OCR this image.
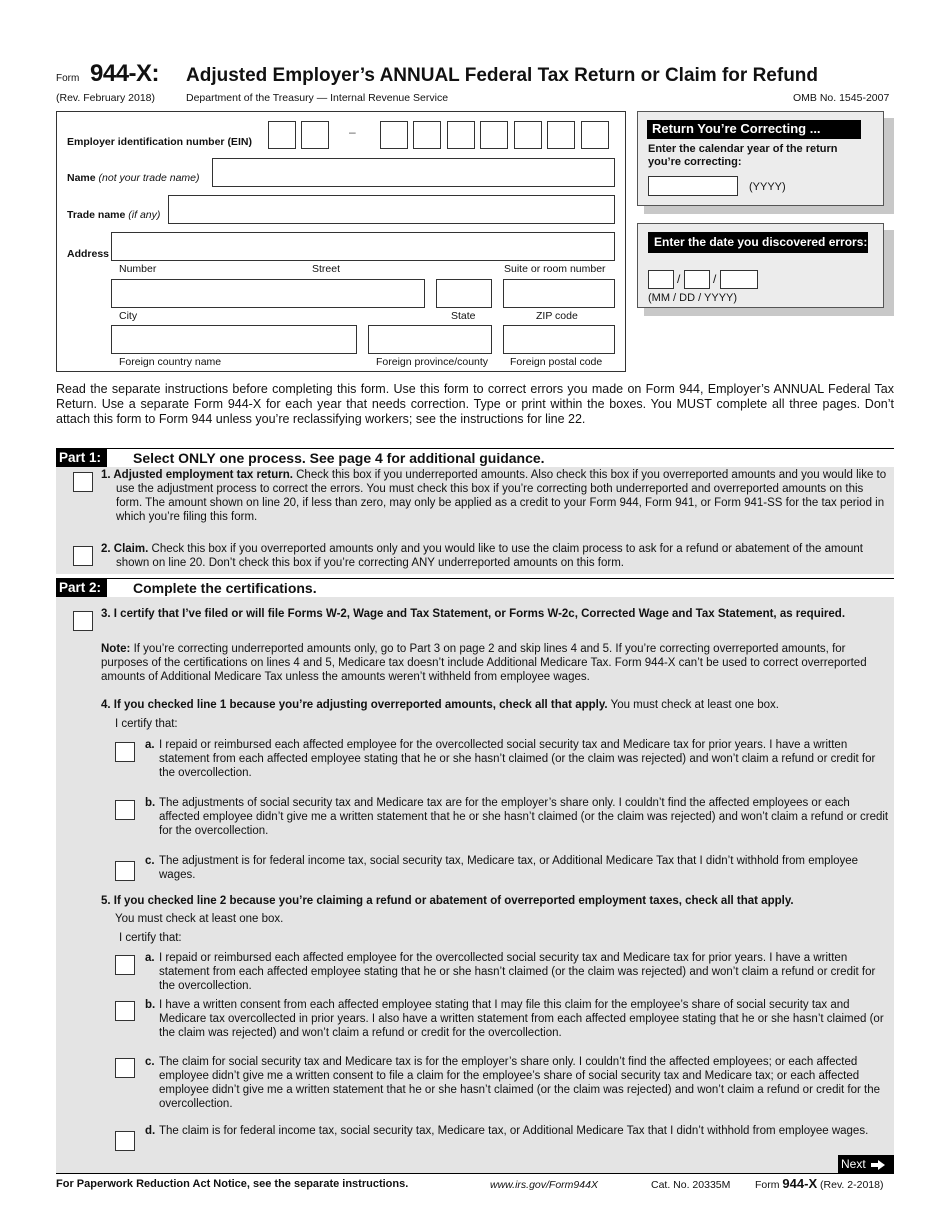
Form 944-X: Adjusted Employer’s ANNUAL Federal Tax Return or Claim for Refund
(Rev. February 2018)	Department of the Treasury — Internal Revenue Service	OMB No. 1545-2007
Employer identification number (EIN)
–
Name (not your trade name)
Trade name (if any)
Address
Number	Street	Suite or room number
City	State	ZIP code
Foreign country name	Foreign province/county Foreign postal code
Return You’re Correcting ...
Enter the calendar year of the return you’re correcting:
(YYYY)
Enter the date you discovered errors:
/	/
(MM / DD / YYYY)
Read the separate instructions before completing this form. Use this form to correct errors you made on Form 944, Employer’s ANNUAL Federal Tax Return. Use a separate Form 944-X for each year that needs correction. Type or print within the boxes. You MUST complete all three pages. Don’t attach this form to Form 944 unless you’re reclassifying workers; see the instructions for line 22.
Part 1:	Select ONLY one process. See page 4 for additional guidance.
1. Adjusted employment tax return. Check this box if you underreported amounts. Also check this box if you overreported amounts and you would like to use the adjustment process to correct the errors. You must check this box if you’re correcting both underreported and overreported amounts on this form. The amount shown on line 20, if less than zero, may only be applied as a credit to your Form 944, Form 941, or Form 941-SS for the tax period in which you’re filing this form.
2. Claim. Check this box if you overreported amounts only and you would like to use the claim process to ask for a refund or abatement of the amount shown on line 20. Don’t check this box if you’re correcting ANY underreported amounts on this form.
Part 2:	Complete the certifications.
3. I certify that I’ve filed or will file Forms W-2, Wage and Tax Statement, or Forms W-2c, Corrected Wage and Tax Statement, as required.
Note: If you’re correcting underreported amounts only, go to Part 3 on page 2 and skip lines 4 and 5. If you’re correcting overreported amounts, for purposes of the certifications on lines 4 and 5, Medicare tax doesn’t include Additional Medicare Tax. Form 944-X can’t be used to correct overreported amounts of Additional Medicare Tax unless the amounts weren’t withheld from employee wages.
4. If you checked line 1 because you’re adjusting overreported amounts, check all that apply. You must check at least one box.
I certify that:
a. I repaid or reimbursed each affected employee for the overcollected social security tax and Medicare tax for prior years. I have a written statement from each affected employee stating that he or she hasn’t claimed (or the claim was rejected) and won’t claim a refund or credit for the overcollection.
b. The adjustments of social security tax and Medicare tax are for the employer’s share only. I couldn’t find the affected employees or each affected employee didn’t give me a written statement that he or she hasn’t claimed (or the claim was rejected) and won’t claim a refund or credit for the overcollection.
c. The adjustment is for federal income tax, social security tax, Medicare tax, or Additional Medicare Tax that I didn’t withhold from employee wages.
5. If you checked line 2 because you’re claiming a refund or abatement of overreported employment taxes, check all that apply.
You must check at least one box.
I certify that:
a. I repaid or reimbursed each affected employee for the overcollected social security tax and Medicare tax for prior years. I have a written statement from each affected employee stating that he or she hasn’t claimed (or the claim was rejected) and won’t claim a refund or credit for the overcollection.
b. I have a written consent from each affected employee stating that I may file this claim for the employee’s share of social security tax and Medicare tax overcollected in prior years. I also have a written statement from each affected employee stating that he or she hasn’t claimed (or the claim was rejected) and won’t claim a refund or credit for the overcollection.
c. The claim for social security tax and Medicare tax is for the employer’s share only. I couldn’t find the affected employees; or each affected employee didn’t give me a written consent to file a claim for the employee’s share of social security tax and Medicare tax; or each affected employee didn’t give me a written statement that he or she hasn’t claimed (or the claim was rejected) and won’t claim a refund or credit for the overcollection.
d. The claim is for federal income tax, social security tax, Medicare tax, or Additional Medicare Tax that I didn’t withhold from employee wages.
Next
For Paperwork Reduction Act Notice, see the separate instructions.	www.irs.gov/Form944X	Cat. No. 20335M Form 944-X (Rev. 2-2018)
